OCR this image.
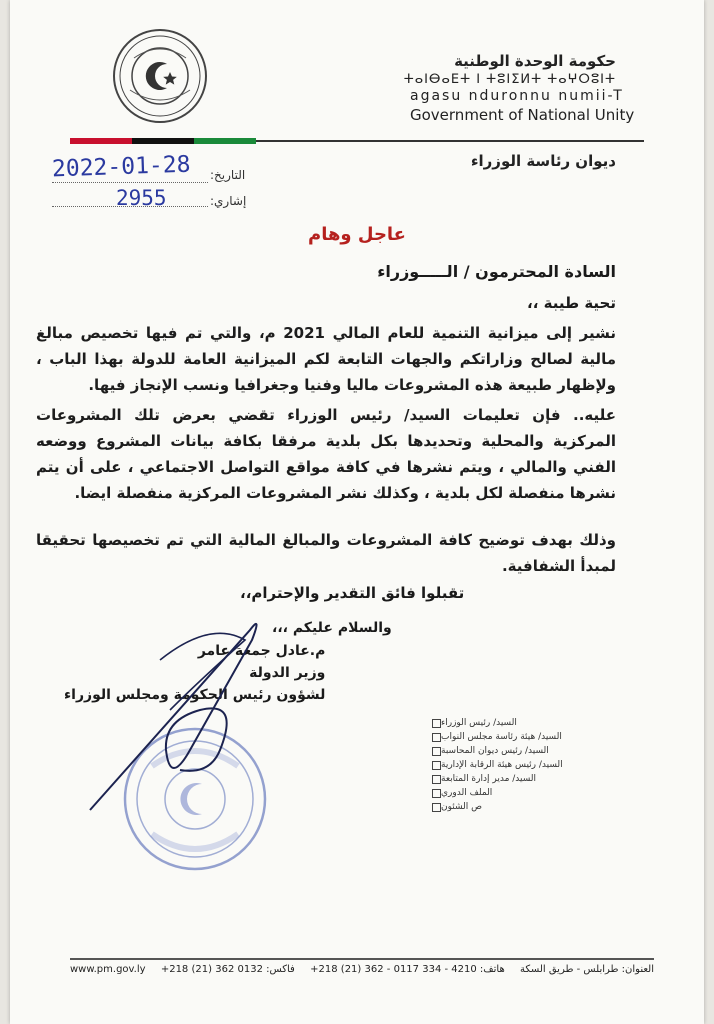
حكومة الوحدة الوطنية
ⵜⴰⵏⴱⴰⴹⵜ ⵏ ⵜⵓⵏⵉⵍⵜ ⵜⴰⵖⵔⵓⵏⵜ
agasu nduronnu numii-T
Government of National Unity
ديوان رئاسة الوزراء
التاريخ:
2022-01-28
إشاري:
2955
عاجل وهام
السادة المحترمون / الـــــوزراء
تحية طيبة ،،
نشير إلى ميزانية التنمية للعام المالي 2021 م، والتي تم فيها تخصيص مبالغ مالية لصالح وزاراتكم والجهات التابعة لكم الميزانية العامة للدولة بهذا الباب ، ولإظهار طبيعة هذه المشروعات ماليا وفنيا وجغرافيا ونسب الإنجاز فيها.
عليه.. فإن تعليمات السيد/ رئيس الوزراء تقضي بعرض تلك المشروعات المركزية والمحلية وتحديدها بكل بلدية مرفقا بكافة بيانات المشروع ووضعه الفني والمالي ، ويتم نشرها في كافة مواقع التواصل الاجتماعي ، على أن يتم نشرها منفصلة لكل بلدية ، وكذلك نشر المشروعات المركزية منفصلة ايضا.
وذلك بهدف توضيح كافة المشروعات والمبالغ المالية التي تم تخصيصها تحقيقا لمبدأ الشفافية.
تقبلوا فائق التقدير والإحترام،،
والسلام عليكم ،،،
م.عادل جمعة عامر
وزير الدولة
لشؤون رئيس الحكومة ومجلس الوزراء
السيد/ رئيس الوزراء
السيد/ هيئة رئاسة مجلس النواب
السيد/ رئيس ديوان المحاسبة
السيد/ رئيس هيئة الرقابة الإدارية
السيد/ مدير إدارة المتابعة
الملف الدوري
ص الشئون
www.pm.gov.ly فاكس: 0132 362 (21) 218+ هاتف: 4210 - 334 0117 - 362 (21) 218+ العنوان: طرابلس - طريق السكة
